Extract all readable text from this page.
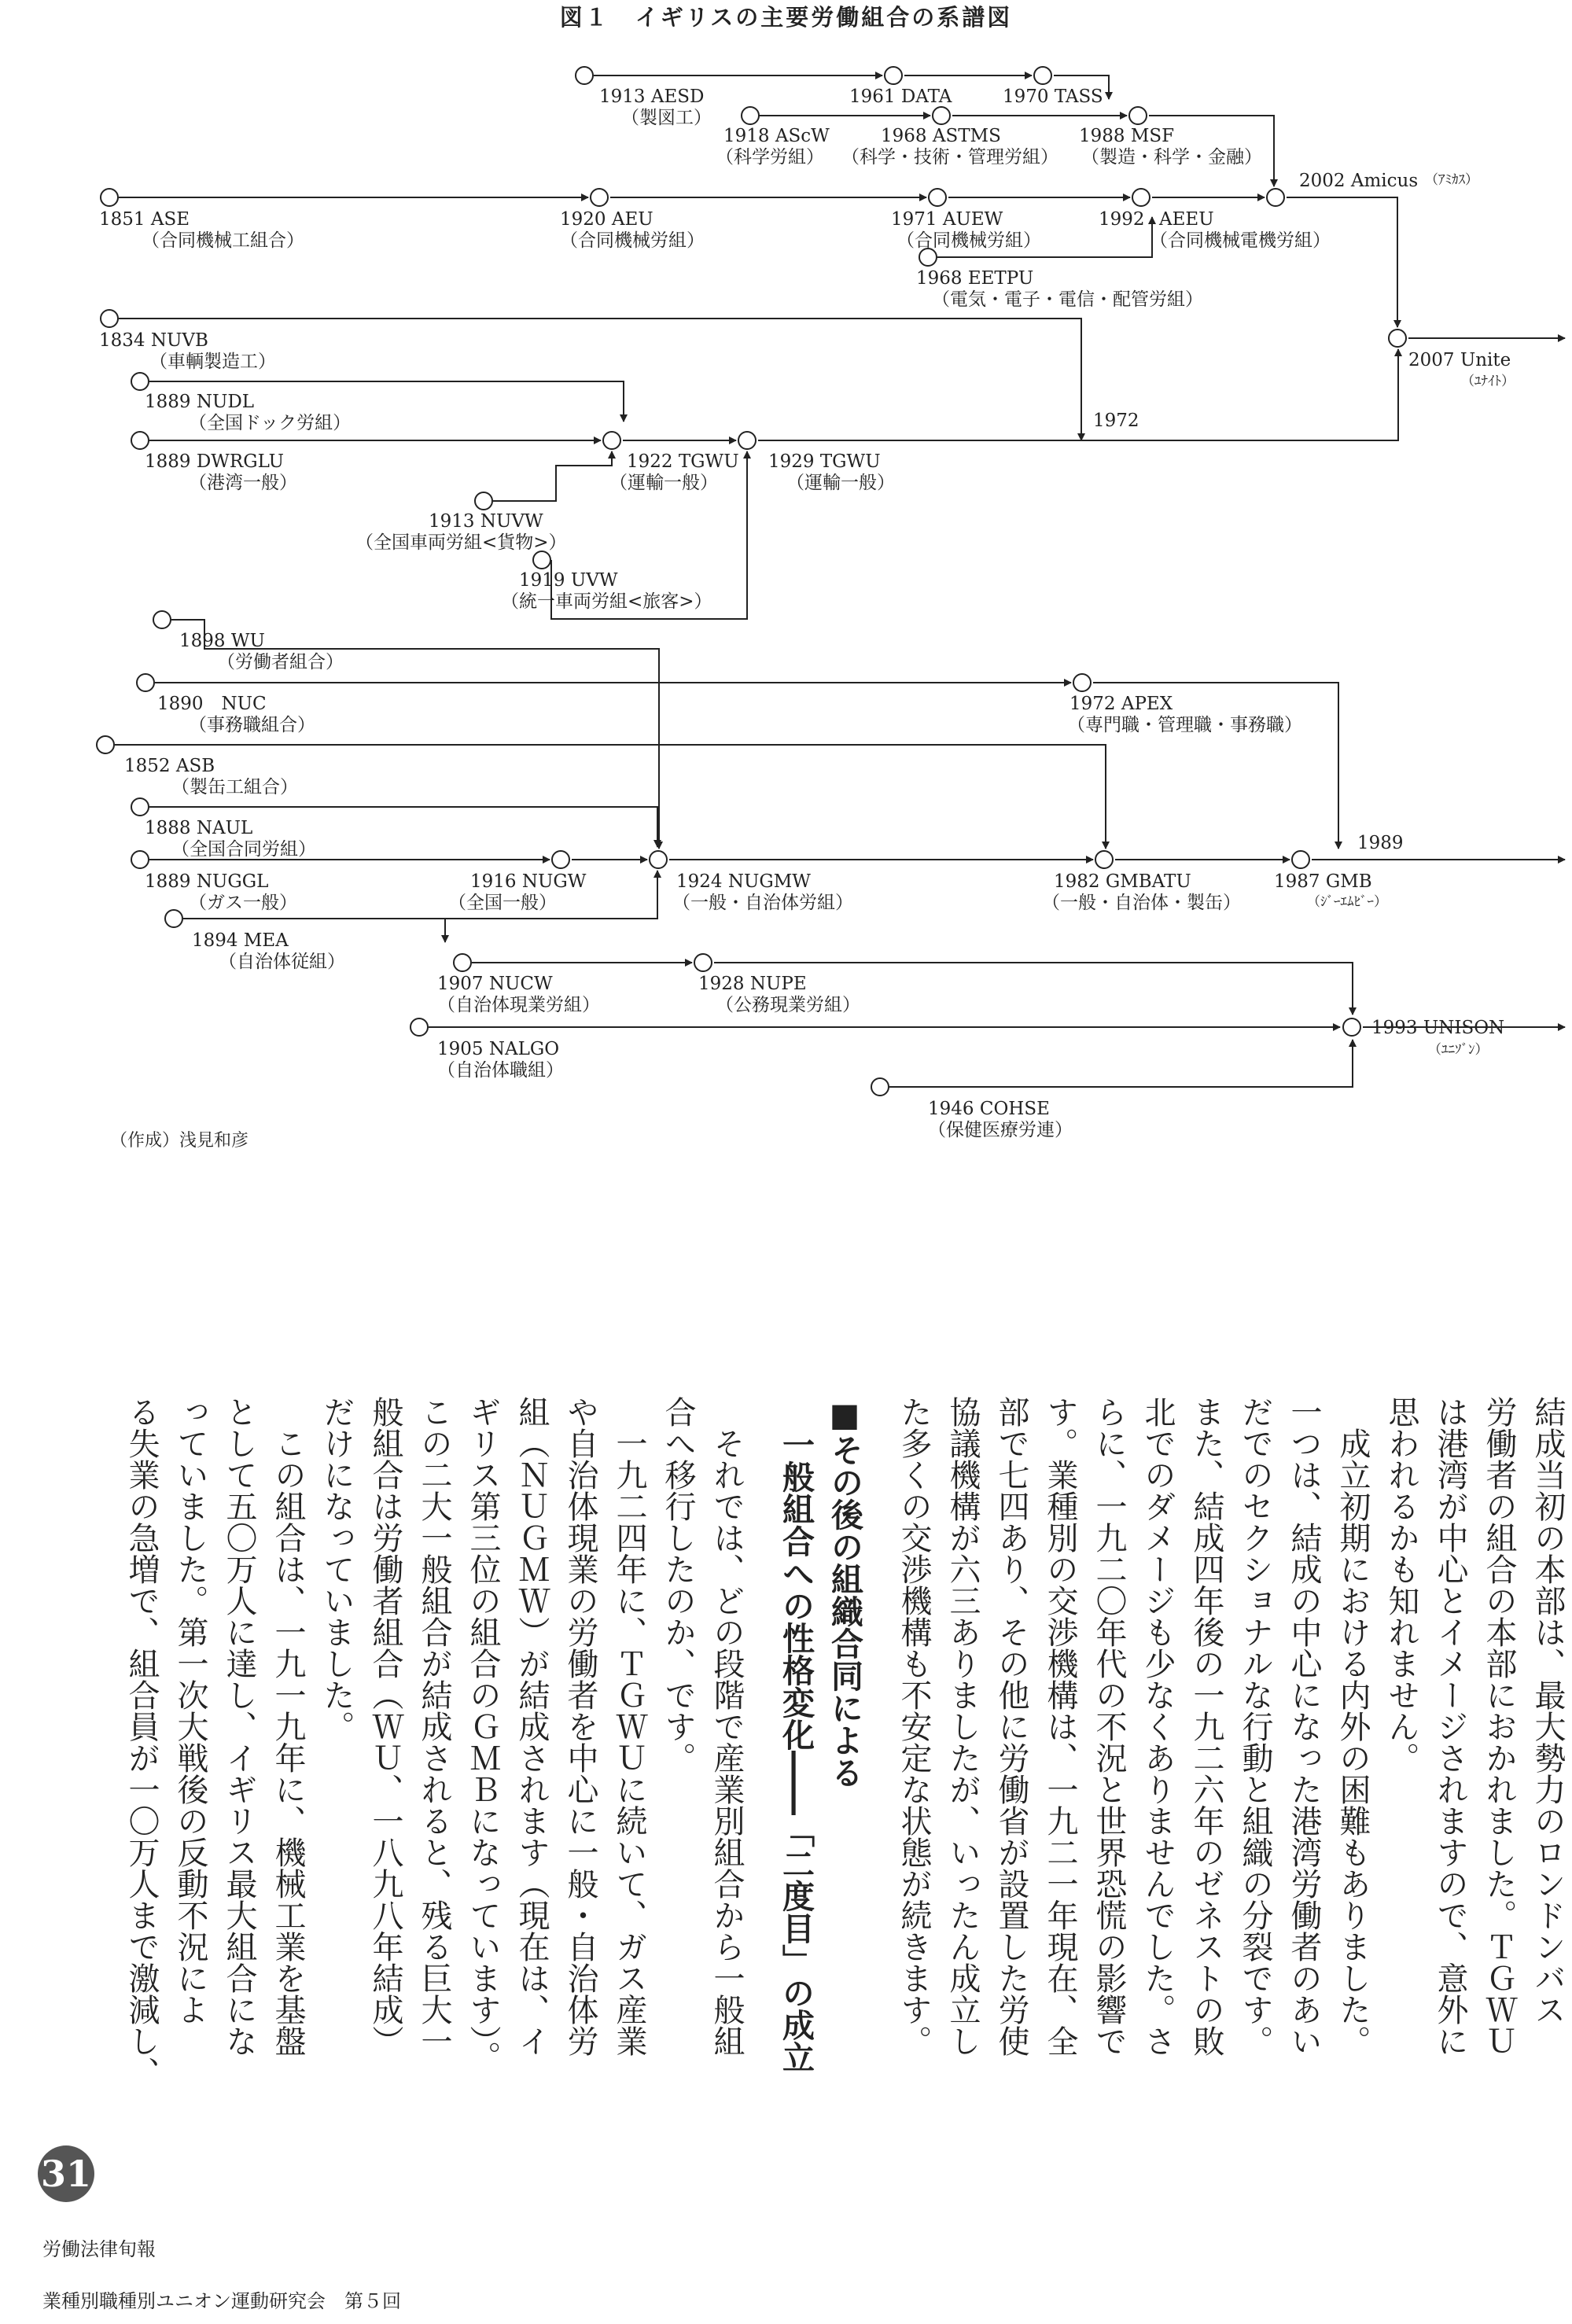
図１　イギリスの主要労働組合の系譜図
1913 AESD
（製図工）
1961 DATA	1970 TASS
1918 AScW
（科学労組）
1968 ASTMS
（科学・技術・管理労組）
1988 MSF
（製造・科学・金融）
2002 Amicus （ｱﾐｶｽ）
1851 ASE
（合同機械工組合）
1920 AEU
（合同機械労組）
1971 AUEW
（合同機械労組）
1992 AEEU
（合同機械電機労組）
1968 EETPU
（電気・電子・電信・配管労組）
1834 NUVB
（車輌製造工）	2007 Unite
（ﾕﾅｲﾄ）
1889 NUDL
（全国ドック労組）	1972
1889 DWRGLU
（港湾一般）
1922 TGWU
（運輸一般）
1929 TGWU
（運輸一般）
1913 NUVW
（全国車両労組<貨物>）
1919 UVW
（統一車両労組<旅客>）
1898 WU
（労働者組合）
1890　NUC
（事務職組合）
1972 APEX
（専門職・管理職・事務職）
1852 ASB
（製缶工組合）
1888 NAUL
（全国合同労組）	1989
1889 NUGGL
（ガス一般）
1916 NUGW
（全国一般）
1924 NUGMW
（一般・自治体労組）
1982 GMBATU
（一般・自治体・製缶）
1987 GMB
（ｼﾞｰｴﾑﾋﾞｰ）
1894 MEA
（自治体従組）
1907 NUCW
（自治体現業労組）
1928 NUPE
（公務現業労組）
1993 UNISON
（ﾕﾆｿﾞﾝ）
1905 NALGO
（自治体職組）
1946 COHSE
（保健医療労連）
（作成）浅見和彦
結成当初の本部は、最大勢力のロンドンバス
労働者の組合の本部におかれました。ＴＧＷＵ
は港湾が中心とイメージされますので、意外に
思われるかも知れません。
　成立初期における内外の困難もありました。
一つは、結成の中心になった港湾労働者のあい
だでのセクショナルな行動と組織の分裂です。
また、結成四年後の一九二六年のゼネストの敗
北でのダメージも少なくありませんでした。さ
らに、一九二〇年代の不況と世界恐慌の影響で
す。業種別の交渉機構は、一九二一年現在、全
部で七四あり、その他に労働省が設置した労使
協議機構が六三ありましたが、いったん成立し
た多くの交渉機構も不安定な状態が続きます。
■その後の組織合同による
　一般組合への性格変化――「二度目」の成立
　それでは、どの段階で産業別組合から一般組
合へ移行したのか、です。
　一九二四年に、ＴＧＷＵに続いて、ガス産業
や自治体現業の労働者を中心に一般・自治体労
組（ＮＵＧＭＷ）が結成されます（現在は、イ
ギリス第三位の組合のＧＭＢになっています）。
この二大一般組合が結成されると、残る巨大一
般組合は労働者組合（ＷＵ、一八九八年結成）
だけになっていました。
　この組合は、一九一九年に、機械工業を基盤
として五〇万人に達し、イギリス最大組合にな
っていました。第一次大戦後の反動不況によ
る失業の急増で、組合員が一〇万人まで激減し、
31
労働法律旬報
業種別職種別ユニオン運動研究会　第５回
